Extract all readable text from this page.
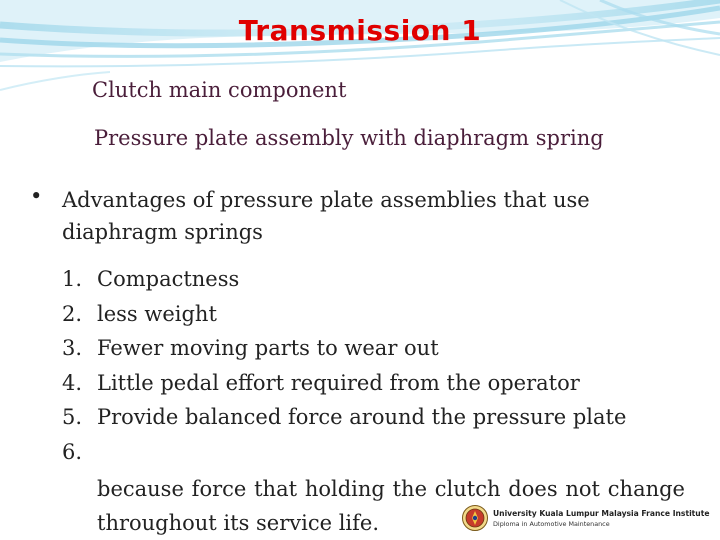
Transmission 1
Clutch main component
Pressure plate assembly with diaphragm spring
• Advantages of pressure plate assemblies that use diaphragm springs
1. Compactness
2. less weight
3. Fewer moving parts to wear out
4. Little pedal effort required from the operator
5. Provide balanced force around the pressure plate
6.
because force that holding the clutch does not change throughout its service life.	University Kuala Lumpur Malaysia France Institute
Diploma in Automotive Maintenance
